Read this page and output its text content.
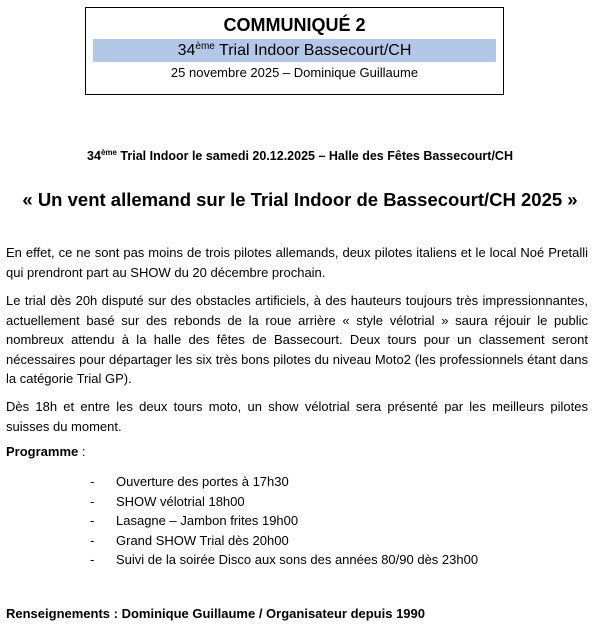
COMMUNIQUÉ 2
34ème Trial Indoor Bassecourt/CH
25 novembre 2025 – Dominique Guillaume
34ème Trial Indoor le samedi 20.12.2025 – Halle des Fêtes Bassecourt/CH
« Un vent allemand sur le Trial Indoor de Bassecourt/CH 2025 »
En effet, ce ne sont pas moins de trois pilotes allemands, deux pilotes italiens et le local Noé Pretalli qui prendront part au SHOW du 20 décembre prochain.
Le trial dès 20h disputé sur des obstacles artificiels, à des hauteurs toujours très impressionnantes, actuellement basé sur des rebonds de la roue arrière « style vélotrial » saura réjouir le public nombreux attendu à la halle des fêtes de Bassecourt. Deux tours pour un classement seront nécessaires pour départager les six très bons pilotes du niveau Moto2 (les professionnels étant dans la catégorie Trial GP).
Dès 18h et entre les deux tours moto, un show vélotrial sera présenté par les meilleurs pilotes suisses du moment.
Programme :
- Ouverture des portes à 17h30
- SHOW vélotrial 18h00
- Lasagne – Jambon frites 19h00
- Grand SHOW Trial dès 20h00
- Suivi de la soirée Disco aux sons des années 80/90 dès 23h00
Renseignements : Dominique Guillaume / Organisateur depuis 1990
